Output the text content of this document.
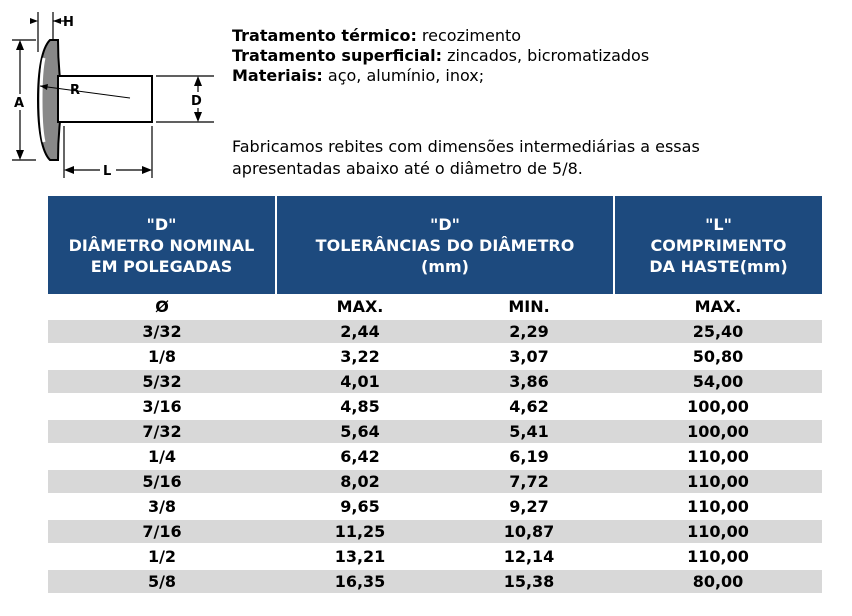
H
A
R
D
L
Tratamento térmico: recozimento
Tratamento superficial: zincados, bicromatizados
Materiais: aço, alumínio, inox;
Fabricamos rebites com dimensões intermediárias a essas
apresentadas abaixo até o diâmetro de 5/8.
"D"
DIÂMETRO NOMINAL
EM POLEGADAS	"D"
TOLERÂNCIAS DO DIÂMETRO
(mm)		"L"
COMPRIMENTO
DA HASTE(mm)

Ø	MAX.	MIN.	MAX.
3/32	2,44	2,29	25,40
1/8	3,22	3,07	50,80
5/32	4,01	3,86	54,00
3/16	4,85	4,62	100,00
7/32	5,64	5,41	100,00
1/4	6,42	6,19	110,00
5/16	8,02	7,72	110,00
3/8	9,65	9,27	110,00
7/16	11,25	10,87	110,00
1/2	13,21	12,14	110,00
5/8	16,35	15,38	80,00
